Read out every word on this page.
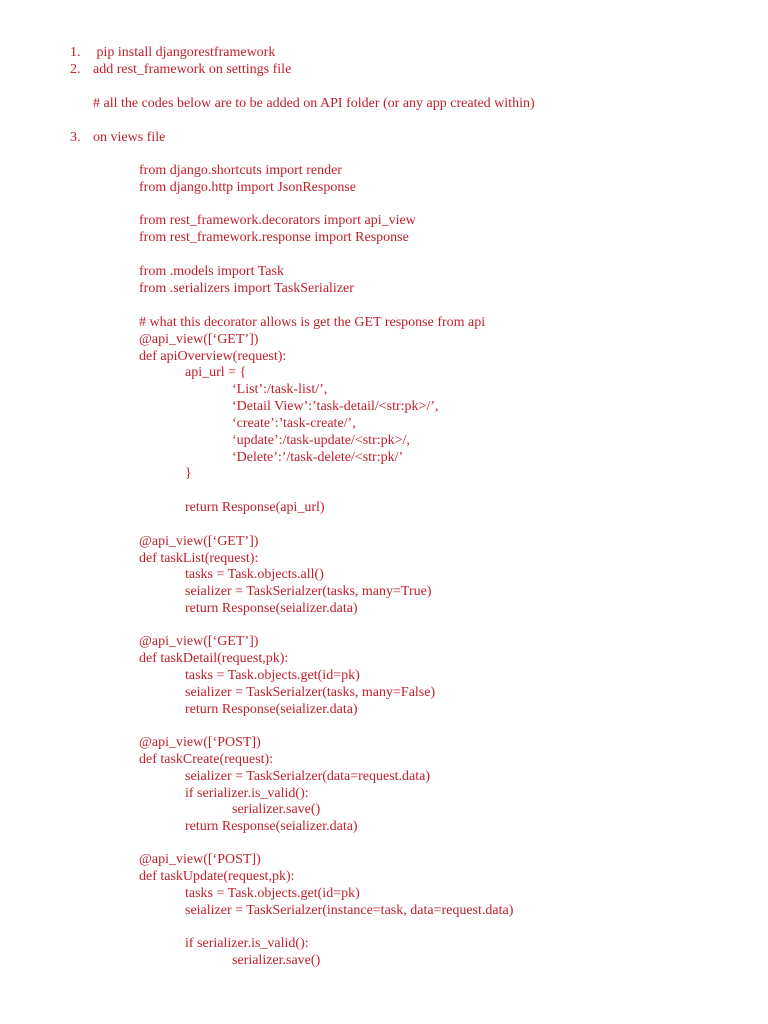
1. pip install djangorestframework
2. add rest_framework on settings file
# all the codes below are to be added on API folder (or any app created within)
3. on views file
from django.shortcuts import render
from django.http import JsonResponse
from rest_framework.decorators import api_view
from rest_framework.response import Response
from .models import Task
from .serializers import TaskSerializer
# what this decorator allows is get the GET response from api
@api_view([‘GET’])
def apiOverview(request):
api_url = {
‘List’:/task-list/’,
‘Detail View’:’task-detail/<str:pk>/’,
‘create’:’task-create/’,
‘update’:/task-update/<str:pk>/,
‘Delete’:’/task-delete/<str:pk/’
}
return Response(api_url)
@api_view([‘GET’])
def taskList(request):
tasks = Task.objects.all()
seializer = TaskSerialzer(tasks, many=True)
return Response(seializer.data)
@api_view([‘GET’])
def taskDetail(request,pk):
tasks = Task.objects.get(id=pk)
seializer = TaskSerialzer(tasks, many=False)
return Response(seializer.data)
@api_view([‘POST])
def taskCreate(request):
seializer = TaskSerialzer(data=request.data)
if serializer.is_valid():
serializer.save()
return Response(seializer.data)
@api_view([‘POST])
def taskUpdate(request,pk):
tasks = Task.objects.get(id=pk)
seializer = TaskSerialzer(instance=task, data=request.data)
if serializer.is_valid():
serializer.save()
